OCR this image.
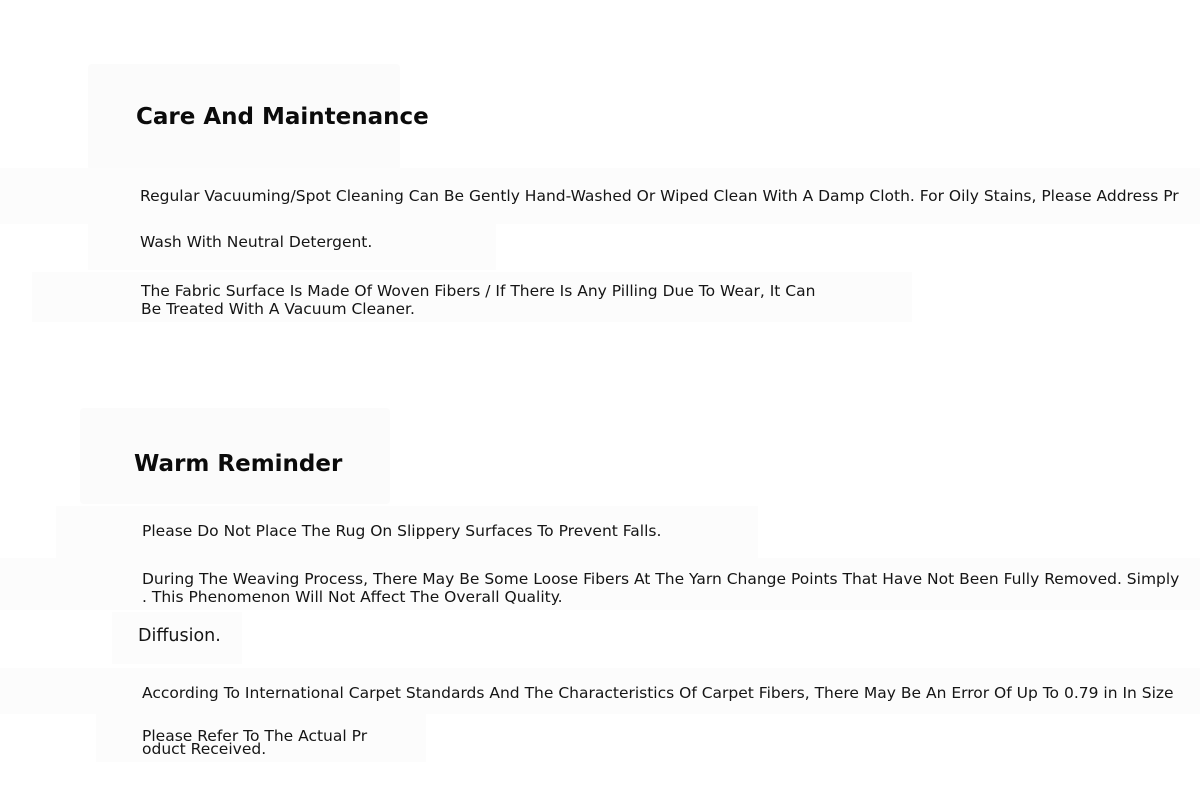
Care And Maintenance

Regular Vacuuming/Spot Cleaning Can Be Gently Hand-Washed Or Wiped Clean With A Damp Cloth. For Oily Stains, Please Address Pr

Wash With Neutral Detergent.

The Fabric Surface Is Made Of Woven Fibers / If There Is Any Pilling Due To Wear, It Can

Be Treated With A Vacuum Cleaner.

Warm Reminder

Please Do Not Place The Rug On Slippery Surfaces To Prevent Falls.

During The Weaving Process, There May Be Some Loose Fibers At The Yarn Change Points That Have Not Been Fully Removed. Simply

. This Phenomenon Will Not Affect The Overall Quality.

Diffusion.

According To International Carpet Standards And The Characteristics Of Carpet Fibers, There May Be An Error Of Up To 0.79 in In Size

Please Refer To The Actual Pr

oduct Received.
